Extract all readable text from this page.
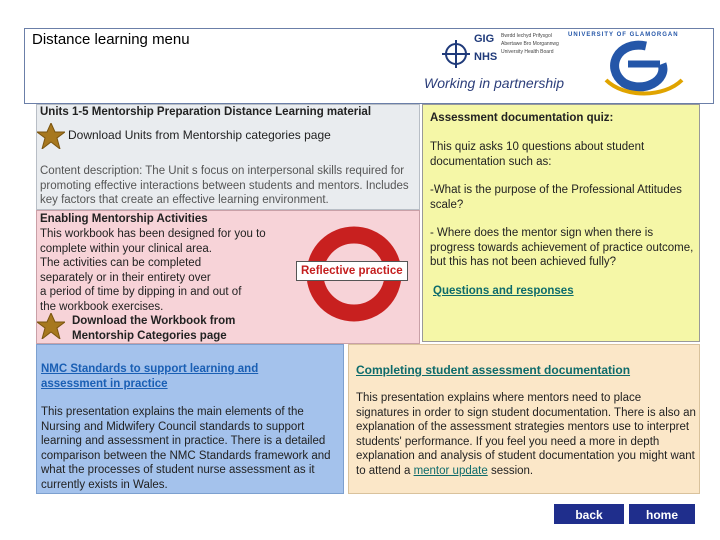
Distance learning menu	GIG
NHS
Bwrdd Iechyd Prifysgol
Abertawe Bro Morgannwg
University Health Board
Working in partnership
UNIVERSITY OF GLAMORGAN
Units 1-5 Mentorship Preparation Distance Learning material
Download Units from Mentorship categories page
Content description: The Unit s focus on interpersonal skills required for promoting effective interactions between students and mentors. Includes key factors that create an effective learning environment.
Enabling Mentorship Activities
This workbook has been designed for you to
complete within your clinical area.
The activities can be completed
separately or in their entirety over
a period of time by dipping in and out of
the workbook exercises.
Download the Workbook from
Mentorship Categories page
Reflective practice
Assessment documentation quiz:
This quiz asks 10 questions about student documentation such as:
-What is the purpose of the Professional Attitudes scale?
- Where does the mentor sign when there is progress towards achievement of practice outcome, but this has not been achieved fully?
Questions and responses
NMC Standards to support learning and assessment in practice
This presentation explains the main elements of the Nursing and Midwifery Council standards to support learning and assessment in practice. There is a detailed comparison between the NMC Standards framework and what the processes of student nurse assessment as it currently exists in Wales.
Completing student assessment documentation
This presentation explains where mentors need to place signatures in order to sign student documentation. There is also an explanation of the assessment strategies mentors use to interpret students' performance. If you feel you need a more in depth explanation and analysis of student documentation you might want to attend a mentor update session.
back	home
